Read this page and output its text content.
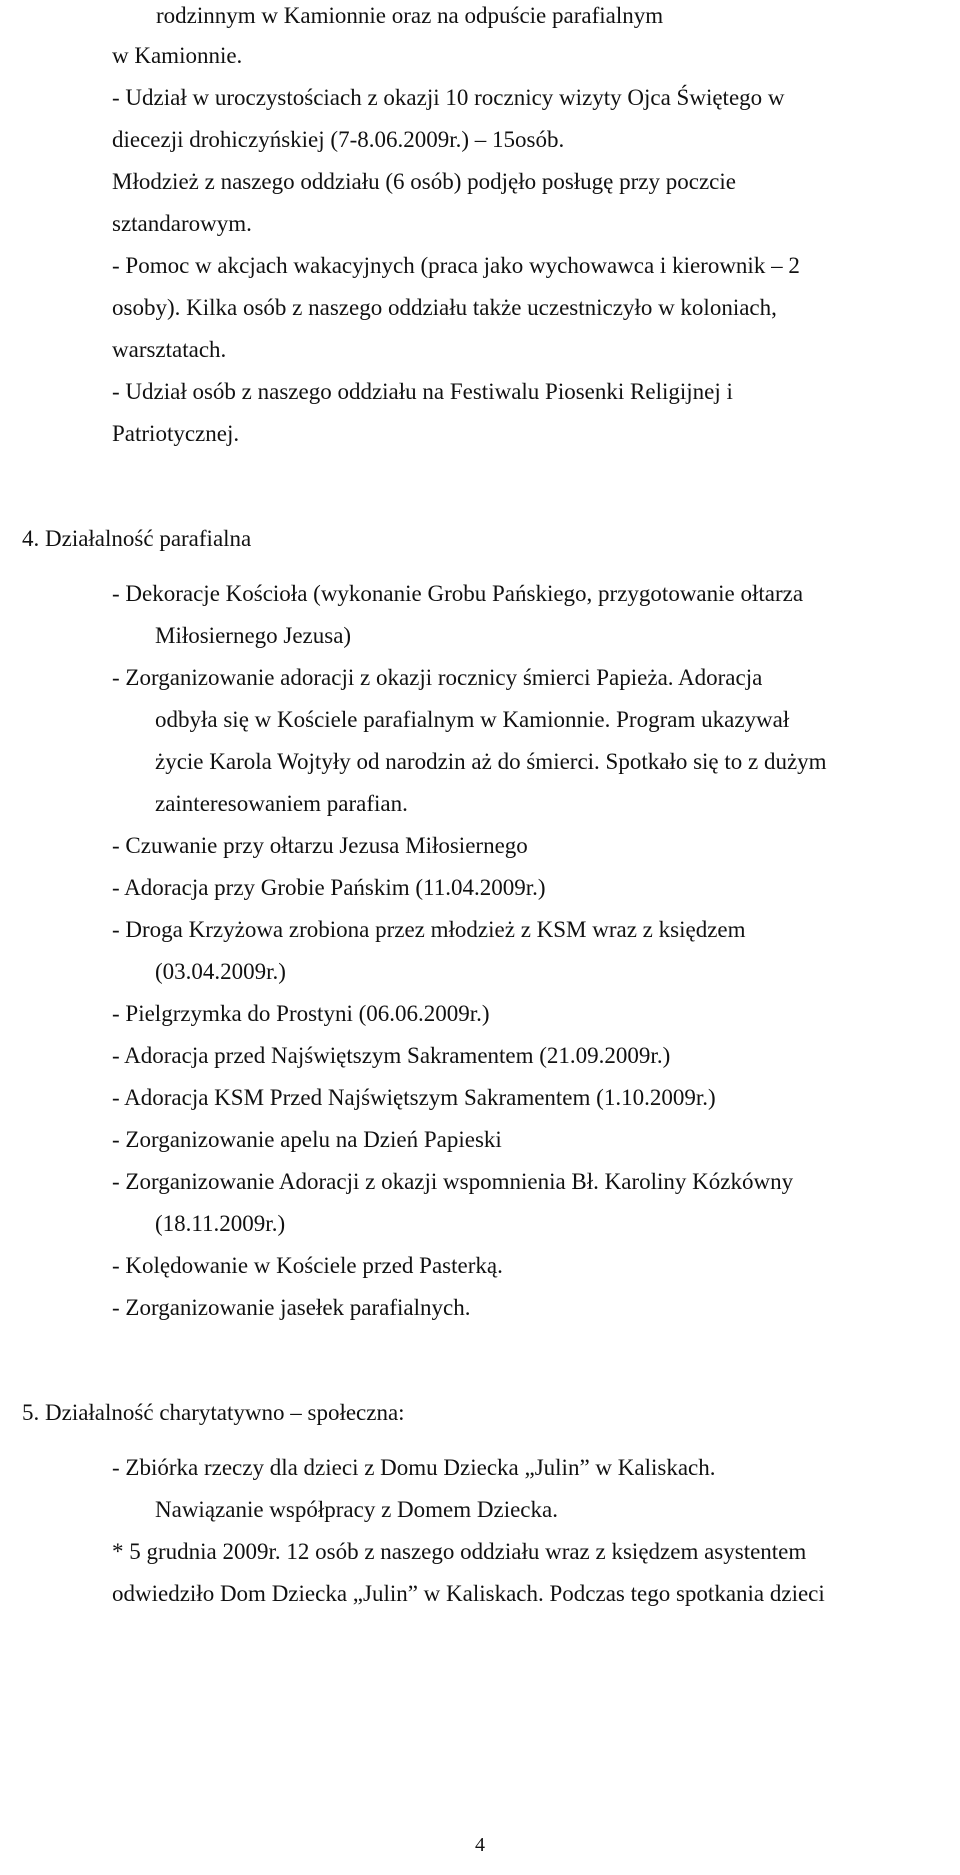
rodzinnym w Kamionnie oraz na odpuście parafialnym

w Kamionnie.

- Udział w uroczystościach z okazji 10 rocznicy wizyty Ojca Świętego w

diecezji drohiczyńskiej (7-8.06.2009r.) – 15osób.

Młodzież z naszego oddziału (6 osób) podjęło posługę przy poczcie

sztandarowym.

- Pomoc w akcjach wakacyjnych (praca jako wychowawca i kierownik – 2

osoby). Kilka osób z naszego oddziału także uczestniczyło w koloniach,

warsztatach.

- Udział osób z naszego oddziału na Festiwalu Piosenki Religijnej i

Patriotycznej.

4. Działalność parafialna

- Dekoracje Kościoła (wykonanie Grobu Pańskiego, przygotowanie ołtarza

Miłosiernego Jezusa)

- Zorganizowanie adoracji z okazji rocznicy śmierci Papieża. Adoracja

odbyła się w Kościele parafialnym w Kamionnie. Program ukazywał

życie Karola Wojtyły od narodzin aż do śmierci. Spotkało się to z dużym

zainteresowaniem parafian.

- Czuwanie przy ołtarzu Jezusa Miłosiernego

- Adoracja przy Grobie Pańskim (11.04.2009r.)

- Droga Krzyżowa zrobiona przez młodzież z KSM wraz z księdzem

(03.04.2009r.)

- Pielgrzymka do Prostyni (06.06.2009r.)

- Adoracja przed Najświętszym Sakramentem (21.09.2009r.)

- Adoracja KSM Przed Najświętszym Sakramentem (1.10.2009r.)

- Zorganizowanie apelu na Dzień Papieski

- Zorganizowanie Adoracji z okazji wspomnienia Bł. Karoliny Kózkówny

(18.11.2009r.)

- Kolędowanie w Kościele przed Pasterką.

- Zorganizowanie jasełek parafialnych.

5. Działalność charytatywno – społeczna:

- Zbiórka rzeczy dla dzieci z Domu Dziecka „Julin” w Kaliskach.

Nawiązanie współpracy z Domem Dziecka.

* 5 grudnia 2009r. 12 osób z naszego oddziału wraz z księdzem asystentem

odwiedziło Dom Dziecka „Julin” w Kaliskach. Podczas tego spotkania dzieci

4
